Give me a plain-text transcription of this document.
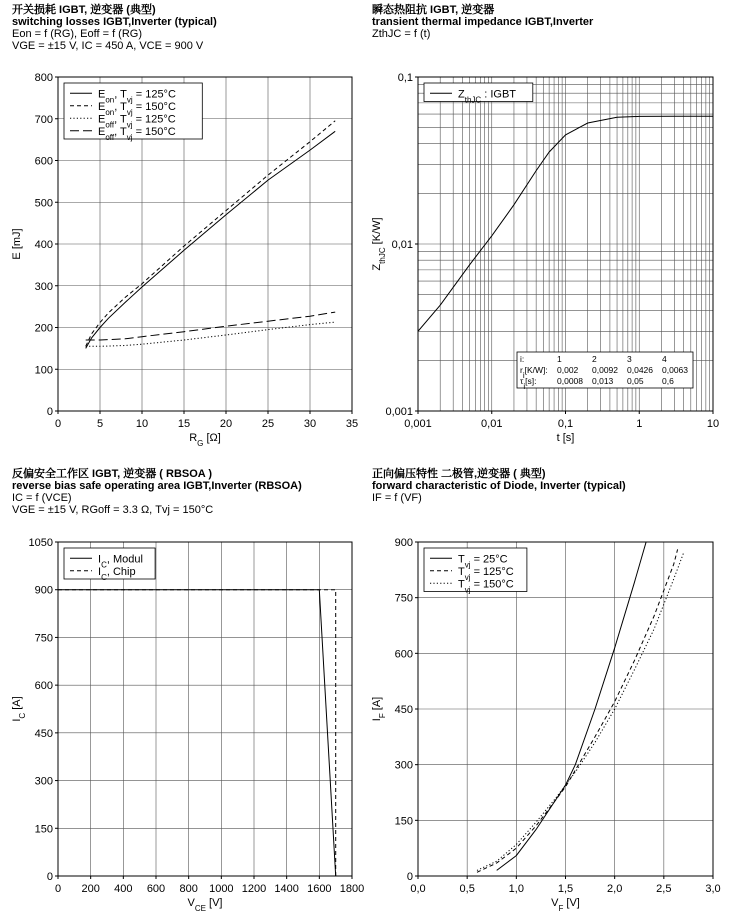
开关损耗 IGBT, 逆变器 (典型)
switching losses IGBT,Inverter (typical)
Eon = f (RG), Eoff = f (RG)
VGE = ±15 V, IC = 450 A, VCE = 900 V
瞬态热阻抗 IGBT, 逆变器
transient thermal impedance IGBT,Inverter
ZthJC = f (t)
反偏安全工作区 IGBT, 逆变器 ( RBSOA )
reverse bias safe operating area IGBT,Inverter (RBSOA)
IC = f (VCE)
VGE = ±15 V, RGoff = 3.3 Ω, Tvj = 150°C
正向偏压特性 二极管,逆变器 ( 典型)
forward characteristic of Diode, Inverter (typical)
IF = f (VF)
0	5	10	15	20	25	30	35
0
100
200
300
400
500
600
700
800
$R_G$ [Ω]
E [mJ]
$E_{on}$, $T_{vj} = 125^\circ C$
$E_{on}$, $T_{vj} = 150^\circ C$
$E_{off}$, $T_{vj} = 125^\circ C$
$E_{off}$, $T_{vj} = 150^\circ C$
0,001	0,01	0,1	1	10
0,001
0,01
0,1
t [s]
$Z_{thJC}$ [K/W]
$Z_{thJC}$ : IGBT
i:	1	2	3	4
$r_i[K/W]$: 0,002 0,0092 0,0426 0,0063
$\tau_i[s]$: 0,0008 0,013 0,05 0,6
0 200 400 600 800 1000 1200 1400 1600 1800
0
150
300
450
600
750
900
1050
$V_{CE}$ [V]
$I_C$ [A]
$I_C$, Modul
$I_C$, Chip
0,0	0,5	1,0	1,5	2,0	2,5	3,0
0
150
300
450
600
750
900
$V_F$ [V]
$I_F$ [A]
$T_{vj} = 25^\circ C$
$T_{vj} = 125^\circ C$
$T_{vj} = 150^\circ C$
